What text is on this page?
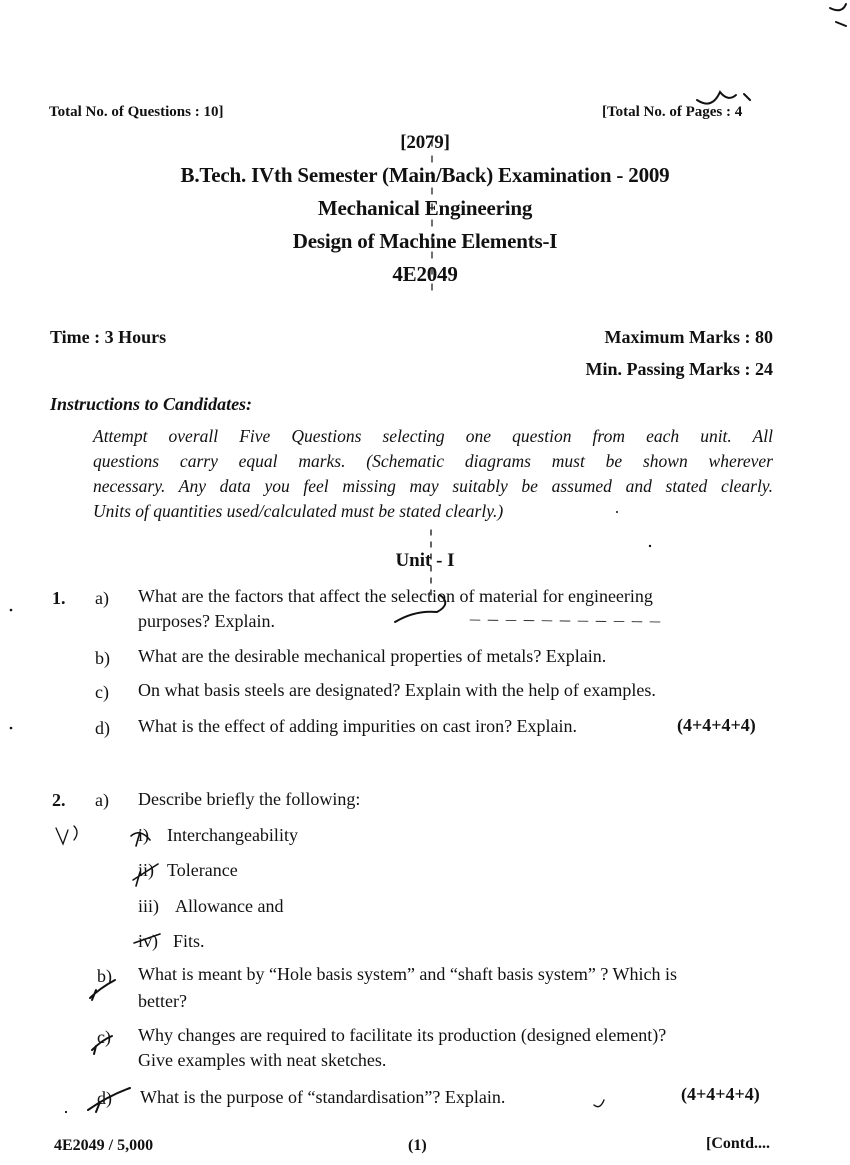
Total No. of Questions : 10]	[Total No. of Pages : 4
[2079]
B.Tech. IVth Semester (Main/Back) Examination - 2009
Mechanical Engineering
Design of Machine Elements-I
4E2049
Time : 3 Hours	Maximum Marks : 80
Min. Passing Marks : 24
Instructions to Candidates:
Attempt overall Five Questions selecting one question from each unit. All
questions carry equal marks. (Schematic diagrams must be shown wherever
necessary. Any data you feel missing may suitably be assumed and stated clearly.
Units of quantities used/calculated must be stated clearly.)
Unit - I
1. a) What are the factors that affect the selection of material for engineering
purposes? Explain.
b) What are the desirable mechanical properties of metals? Explain.
c) On what basis steels are designated? Explain with the help of examples.
d) What is the effect of adding impurities on cast iron? Explain.	(4+4+4+4)
2. a) Describe briefly the following:
i) Interchangeability
ii) Tolerance
iii) Allowance and
iv) Fits.
b) What is meant by “Hole basis system” and “shaft basis system” ? Which is
better?
c) Why changes are required to facilitate its production (designed element)?
Give examples with neat sketches.
d) What is the purpose of “standardisation”? Explain.	(4+4+4+4)
4E2049 / 5,000	(1)	[Contd....
